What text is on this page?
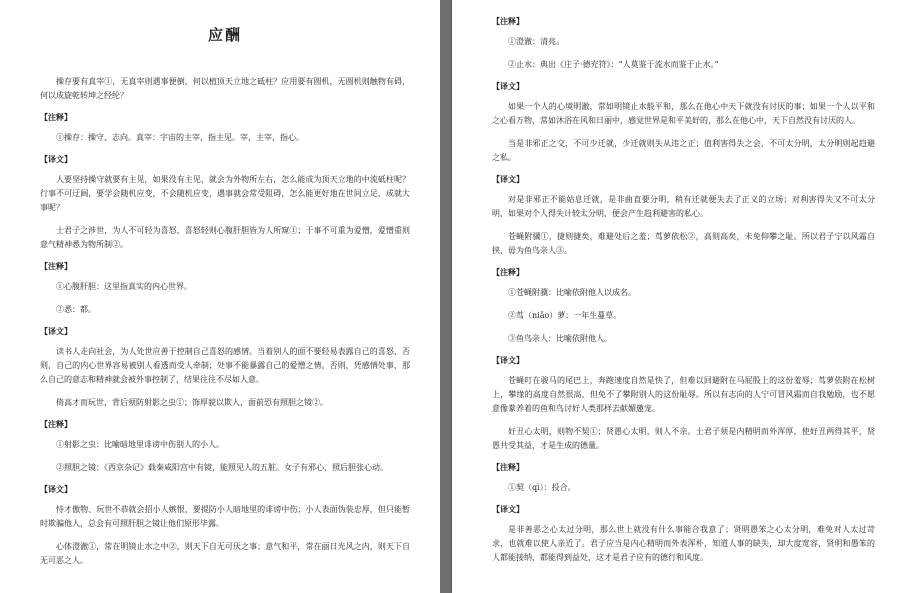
应酬
操存要有真宰①，无真宰则遇事便倒，何以植顶天立地之砥柱？应用要有圆机，无圆机则触物有碍，何以成旋乾转坤之经纶？
【注释】
①操存：操守、志向。真宰：宇宙的主宰，指主见。宰，主宰，指心。
【译文】
人要坚持操守就要有主见，如果没有主见，就会为外物所左右，怎么能成为顶天立地的中流砥柱呢？行事不可迂阔，要学会随机应变，不会随机应变，遇事就会常受阻碍，怎么能更好地在世间立足，成就大事呢？
士君子之涉世，为人不可轻为喜怒，喜怒轻则心腹肝胆皆为人所窥①；于事不可重为爱憎，爱憎重则意气精神悉为物所制②。
【注释】
①心腹肝胆：这里指真实的内心世界。
②悉：都。
【译文】
读书人走向社会，为人处世应善于控制自己喜怒的感情。当着别人的面不要轻易表露自己的喜怒，否则，自己的内心世界容易被别人看透而受人牵制；处事不能暴露自己的爱憎之情。否则，凭感情处事，那么自己的意志和精神就会被外事控制了，结果往往不尽如人意。
倚高才而玩世，背后须防射影之虫①；饰厚貌以欺人，面前恐有照胆之镜②。
【注释】
①射影之虫：比喻暗地里诽谤中伤别人的小人。
②照胆之镜：《西京杂记》载秦咸阳宫中有镜，能照见人的五脏。女子有邪心，照后胆张心动。
【译文】
恃才傲物、玩世不恭就会招小人嫉恨，要提防小人暗地里的诽谤中伤；小人表面伪装忠厚，但只能暂时欺骗他人，总会有可照肝胆之镜让他们原形毕露。
心体澄澈①，常在明镜止水之中②，则天下自无可厌之事；意气和平，常在丽日光风之内，则天下自无可恶之人。
【注释】
①澄澈：清亮。
②止水：典出《庄子·德充符》：“人莫鉴于流水而鉴于止水。”
【译文】
如果一个人的心境明澈，常如明镜止水般平和，那么在他心中天下就没有讨厌的事；如果一个人以平和之心看万物，常如沐浴在风和日丽中，感觉世界是和平美好的，那么在他心中，天下自然没有讨厌的人。
当是非邪正之交，不可少迁就，少迁就则失从违之正；值利害得失之会，不可太分明，太分明则起趋避之私。
【译文】
对是非邪正不能姑息迁就，是非曲直要分明，稍有迁就便失去了正义的立场；对利害得失又不可太分明，如果对个人得失计较太分明，便会产生趋利避害的私心。
苍蝇附骥①，捷则捷矣，难避处后之羞；茑萝依松②，高则高矣，未免仰攀之耻。所以君子宁以风霜自挟，毋为鱼鸟亲人③。
【注释】
①苍蝇附骥：比喻依附他人以成名。
②茑（niǎo）萝：一年生蔓草。
③鱼鸟亲人：比喻依附他人。
【译文】
苍蝇叮在骏马的尾巴上，奔跑速度自然是快了，但难以回避附在马屁股上的这份羞辱；茑萝依附在松树上，攀缘的高度自然很高，但免不了攀附别人的这份耻辱。所以有志向的人宁可冒风霜而自我勉励，也不愿意像豢养着的鱼和鸟讨好人类那样去献媚邀宠。
好丑心太明，则物不契①；贤愚心太明，则人不亲。士君子须是内精明而外浑厚，使好丑两得其平，贤愚共受其益，才是生成的德量。
【注释】
①契（qì）：投合。
【译文】
是非善恶之心太过分明，那么世上就没有什么事能合我意了；贤明愚笨之心太分明，难免对人太过苛求，也就难以使人亲近了。君子应当是内心精明而外表浑朴，知道人事的缺失，却大度宽容，贤明和愚笨的人都能接纳，都能得到益处，这才是君子应有的德行和风度。
